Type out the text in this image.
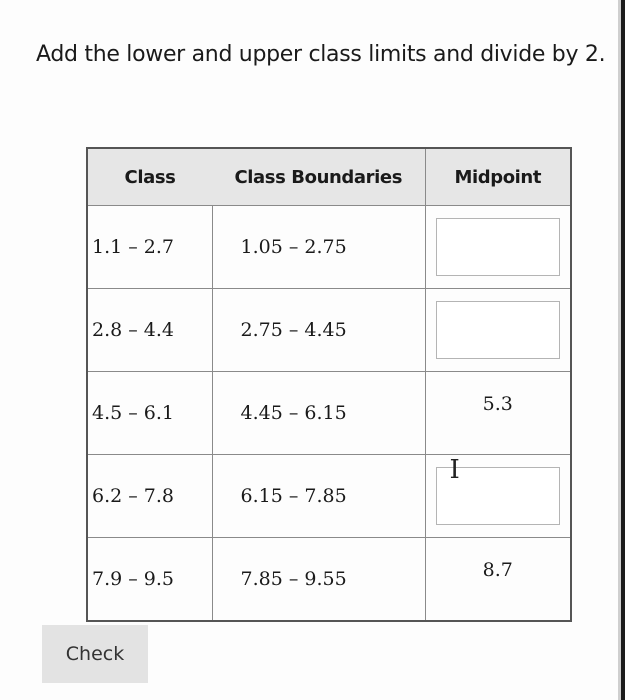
Add the lower and upper class limits and divide by 2.
Class	Class Boundaries	Midpoint
1.1 – 2.7	1.05 – 2.75	

2.8 – 4.4	2.75 – 4.45	

4.5 – 6.1	4.45 – 6.15	5.3

6.2 – 7.8	6.15 – 7.85	I

7.9 – 9.5	7.85 – 9.55	8.7
Check
